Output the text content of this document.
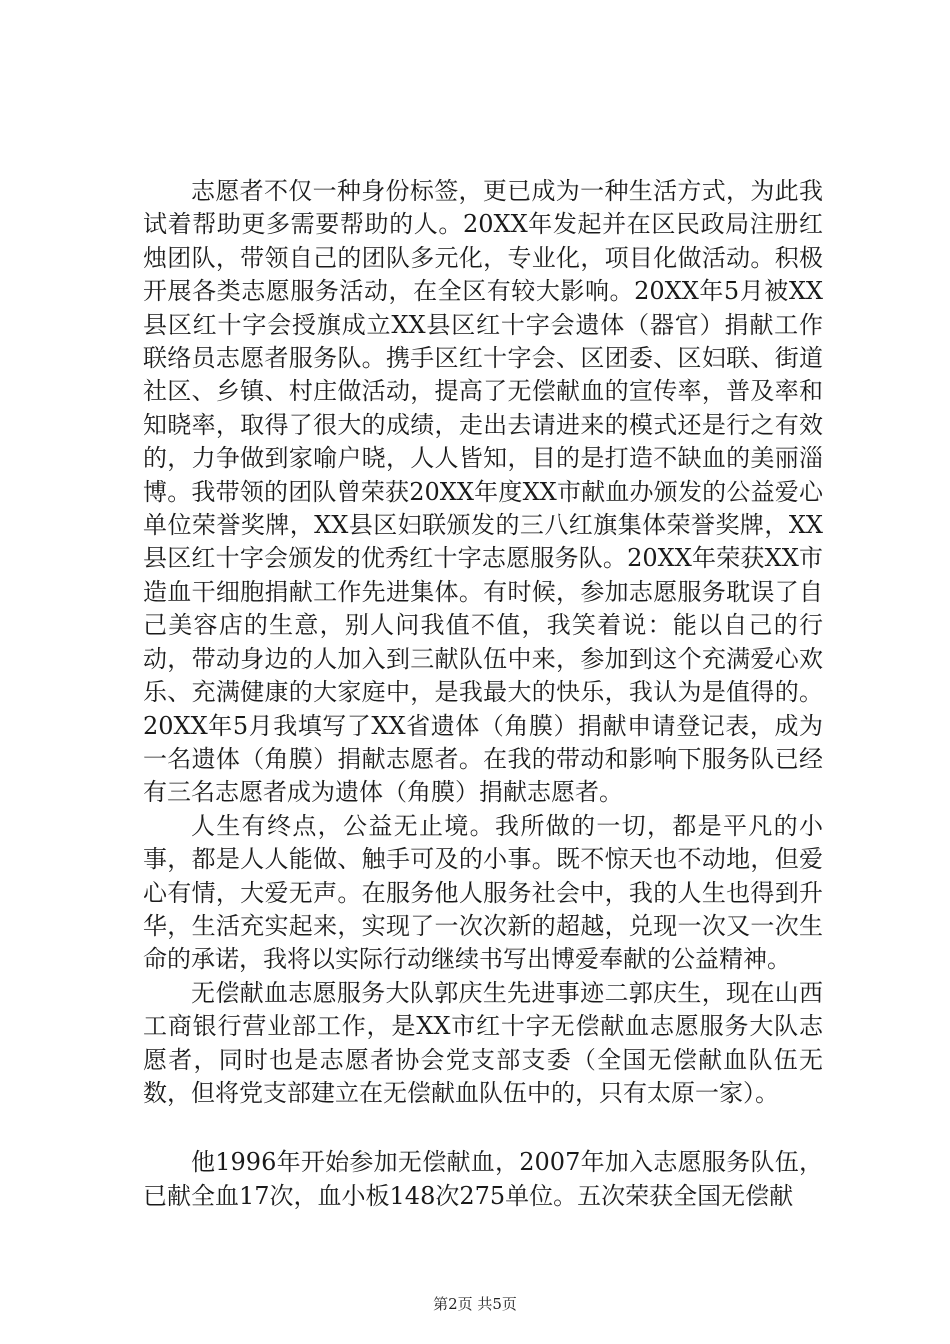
志愿者不仅一种身份标签，更已成为一种生活方式，为此我试着帮助更多需要帮助的人。20XX年发起并在区民政局注册红烛团队，带领自己的团队多元化，专业化，项目化做活动。积极开展各类志愿服务活动，在全区有较大影响。20XX年5月被XX县区红十字会授旗成立XX县区红十字会遗体（器官）捐献工作联络员志愿者服务队。携手区红十字会、区团委、区妇联、街道社区、乡镇、村庄做活动，提高了无偿献血的宣传率，普及率和知晓率，取得了很大的成绩，走出去请进来的模式还是行之有效的，力争做到家喻户晓，人人皆知，目的是打造不缺血的美丽淄博。我带领的团队曾荣获20XX年度XX市献血办颁发的公益爱心单位荣誉奖牌，XX县区妇联颁发的三八红旗集体荣誉奖牌，XX县区红十字会颁发的优秀红十字志愿服务队。20XX年荣获XX市造血干细胞捐献工作先进集体。有时候，参加志愿服务耽误了自己美容店的生意，别人问我值不值，我笑着说：能以自己的行动，带动身边的人加入到三献队伍中来，参加到这个充满爱心欢乐、充满健康的大家庭中，是我最大的快乐，我认为是值得的。20XX年5月我填写了XX省遗体（角膜）捐献申请登记表，成为一名遗体（角膜）捐献志愿者。在我的带动和影响下服务队已经有三名志愿者成为遗体（角膜）捐献志愿者。

人生有终点，公益无止境。我所做的一切，都是平凡的小事，都是人人能做、触手可及的小事。既不惊天也不动地，但爱心有情，大爱无声。在服务他人服务社会中，我的人生也得到升华，生活充实起来，实现了一次次新的超越，兑现一次又一次生命的承诺，我将以实际行动继续书写出博爱奉献的公益精神。

无偿献血志愿服务大队郭庆生先进事迹二郭庆生，现在山西工商银行营业部工作，是XX市红十字无偿献血志愿服务大队志愿者，同时也是志愿者协会党支部支委（全国无偿献血队伍无数，但将党支部建立在无偿献血队伍中的，只有太原一家）。

他1996年开始参加无偿献血，2007年加入志愿服务队伍，已献全血17次，血小板148次275单位。五次荣获全国无偿献

第2页 共5页
